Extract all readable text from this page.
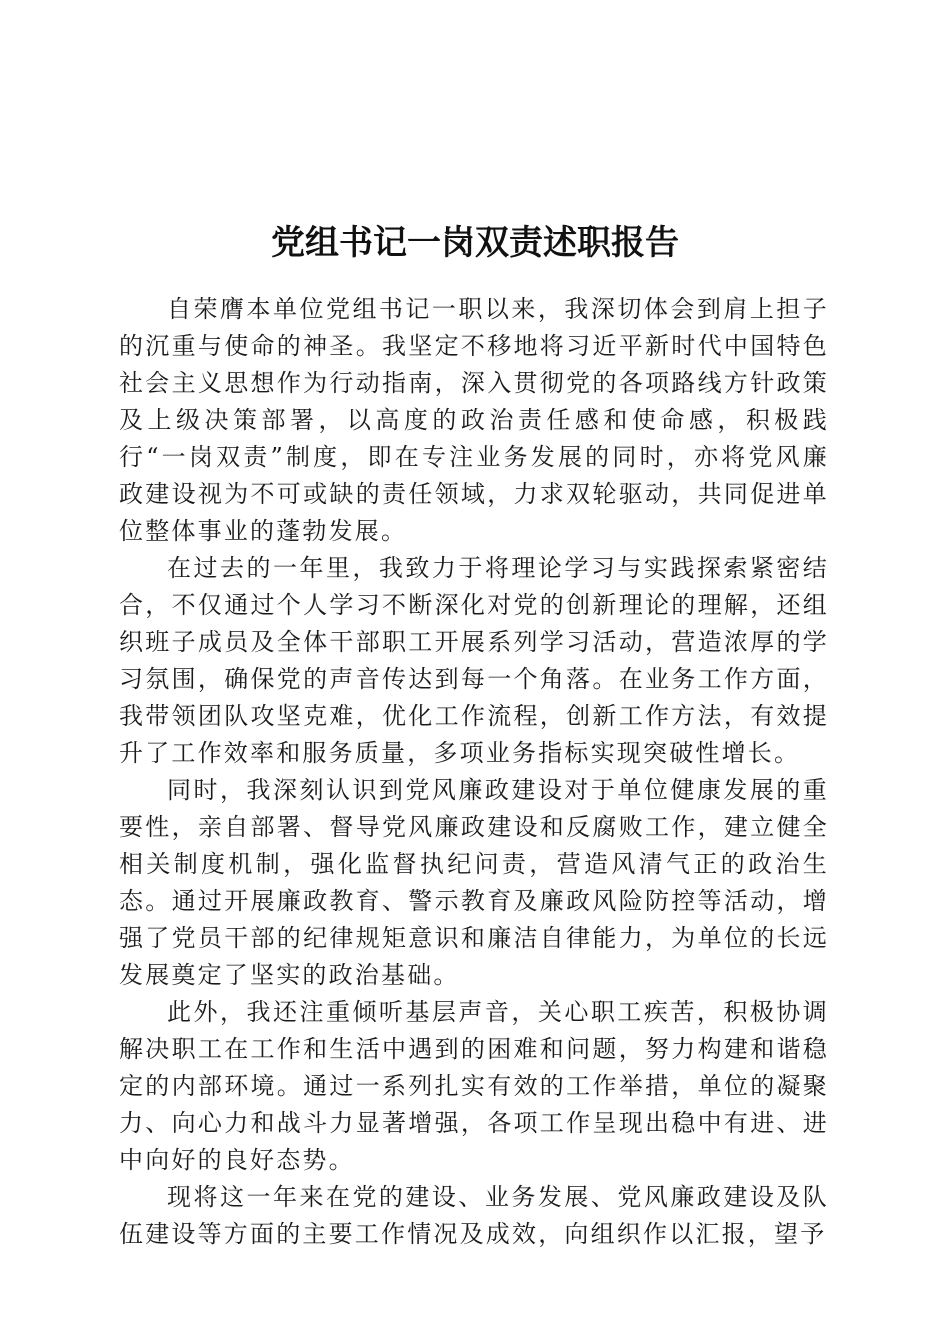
党组书记一岗双责述职报告

自荣膺本单位党组书记一职以来，我深切体会到肩上担子的沉重与使命的神圣。我坚定不移地将习近平新时代中国特色社会主义思想作为行动指南，深入贯彻党的各项路线方针政策及上级决策部署，以高度的政治责任感和使命感，积极践行“一岗双责”制度，即在专注业务发展的同时，亦将党风廉政建设视为不可或缺的责任领域，力求双轮驱动，共同促进单位整体事业的蓬勃发展。

在过去的一年里，我致力于将理论学习与实践探索紧密结合，不仅通过个人学习不断深化对党的创新理论的理解，还组织班子成员及全体干部职工开展系列学习活动，营造浓厚的学习氛围，确保党的声音传达到每一个角落。在业务工作方面，我带领团队攻坚克难，优化工作流程，创新工作方法，有效提升了工作效率和服务质量，多项业务指标实现突破性增长。

同时，我深刻认识到党风廉政建设对于单位健康发展的重要性，亲自部署、督导党风廉政建设和反腐败工作，建立健全相关制度机制，强化监督执纪问责，营造风清气正的政治生态。通过开展廉政教育、警示教育及廉政风险防控等活动，增强了党员干部的纪律规矩意识和廉洁自律能力，为单位的长远发展奠定了坚实的政治基础。

此外，我还注重倾听基层声音，关心职工疾苦，积极协调解决职工在工作和生活中遇到的困难和问题，努力构建和谐稳定的内部环境。通过一系列扎实有效的工作举措，单位的凝聚力、向心力和战斗力显著增强，各项工作呈现出稳中有进、进中向好的良好态势。

现将这一年来在党的建设、业务发展、党风廉政建设及队伍建设等方面的主要工作情况及成效，向组织作以汇报，望予
